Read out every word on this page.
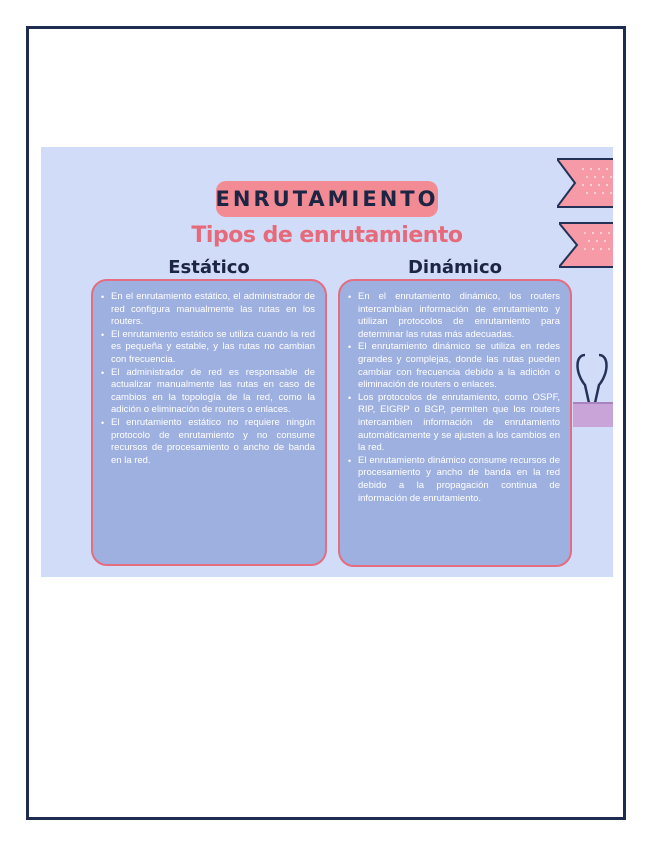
ENRUTAMIENTO
Tipos de enrutamiento
Estático	Dinámico
• En el enrutamiento estático, el administrador de red configura manualmente las rutas en los routers.
• El enrutamiento estático se utiliza cuando la red es pequeña y estable, y las rutas no cambian con frecuencia.
• El administrador de red es responsable de actualizar manualmente las rutas en caso de cambios en la topología de la red, como la adición o eliminación de routers o enlaces.
• El enrutamiento estático no requiere ningún protocolo de enrutamiento y no consume recursos de procesamiento o ancho de banda en la red.
• En el enrutamiento dinámico, los routers intercambian información de enrutamiento y utilizan protocolos de enrutamiento para determinar las rutas más adecuadas.
• El enrutamiento dinámico se utiliza en redes grandes y complejas, donde las rutas pueden cambiar con frecuencia debido a la adición o eliminación de routers o enlaces.
• Los protocolos de enrutamiento, como OSPF, RIP, EIGRP o BGP, permiten que los routers intercambien información de enrutamiento automáticamente y se ajusten a los cambios en la red.
• El enrutamiento dinámico consume recursos de procesamiento y ancho de banda en la red debido a la propagación continua de información de enrutamiento.
